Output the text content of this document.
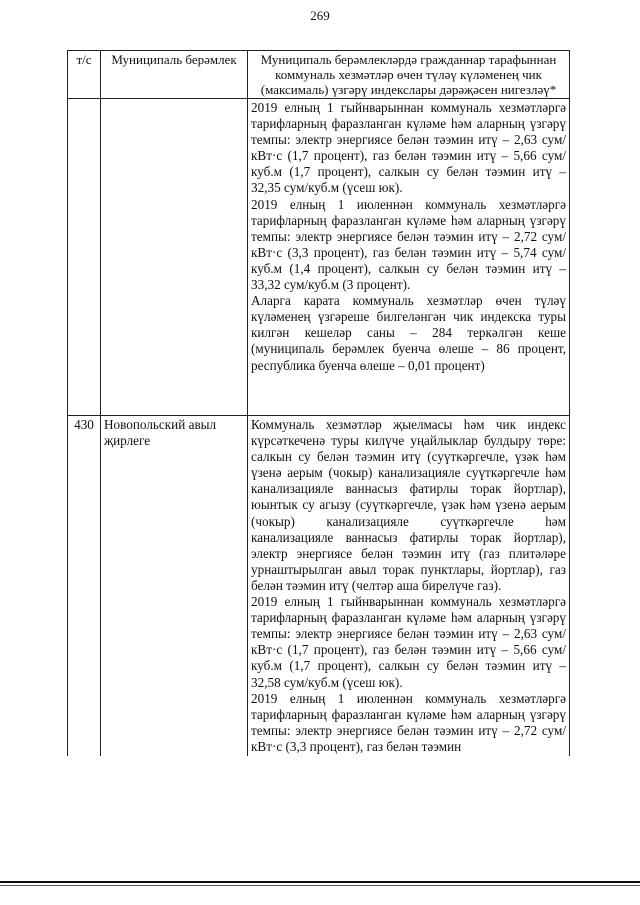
269
т/с	Муниципаль берәмлек	Муниципаль берәмлекләрдә гражданнар тарафыннан коммуналь хезмәтләр өчен түләү күләменең чик (максималь) үзгәрү индекслары дәрәҗәсен нигезләү*

		2019 елның 1 гыйнварыннан коммуналь хезмәтләргә тарифларның фаразланган күләме һәм аларның үзгәрү темпы: электр энергиясе белән тәэмин итү – 2,63 сум/кВт·с (1,7 процент), газ белән тәэмин итү – 5,66 сум/куб.м (1,7 процент), салкын су белән тәэмин итү – 32,35 сум/куб.м (үсеш юк).

2019 елның 1 июленнән коммуналь хезмәтләргә тарифларның фаразланган күләме һәм аларның үзгәрү темпы: электр энергиясе белән тәэмин итү – 2,72 сум/кВт·с (3,3 процент), газ белән тәэмин итү – 5,74 сум/куб.м (1,4 процент), салкын су белән тәэмин итү – 33,32 сум/куб.м (3 процент).

Аларга карата коммуналь хезмәтләр өчен түләү күләменең үзгәреше билгеләнгән чик индекска туры килгән кешеләр саны – 284 теркәлгән кеше (муниципаль берәмлек буенча өлеше – 86 процент, республика буенча өлеше – 0,01 процент)

430	Новопольский авыл җирлеге	Коммуналь хезмәтләр җыелмасы һәм чик индекс күрсәткеченә туры килүче уңайлыклар булдыру төре: салкын су белән тәэмин итү (суүткәргечле, үзәк һәм үзенә аерым (чокыр) канализацияле суүткәргечле һәм канализацияле ваннасыз фатирлы торак йортлар), юынтык су агызу (суүткәргечле, үзәк һәм үзенә аерым (чокыр) канализацияле суүткәргечле һәм канализацияле ваннасыз фатирлы торак йортлар), электр энергиясе белән тәэмин итү (газ плитәләре урнаштырылган авыл торак пунктлары, йортлар), газ белән тәэмин итү (челтәр аша бирелүче газ).

2019 елның 1 гыйнварыннан коммуналь хезмәтләргә тарифларның фаразланган күләме һәм аларның үзгәрү темпы: электр энергиясе белән тәэмин итү – 2,63 сум/кВт·с (1,7 процент), газ белән тәэмин итү – 5,66 сум/куб.м (1,7 процент), салкын су белән тәэмин итү – 32,58 сум/куб.м (үсеш юк).

2019 елның 1 июленнән коммуналь хезмәтләргә тарифларның фаразланган күләме һәм аларның үзгәрү темпы: электр энергиясе белән тәэмин итү – 2,72 сум/кВт·с (3,3 процент), газ белән тәэмин
